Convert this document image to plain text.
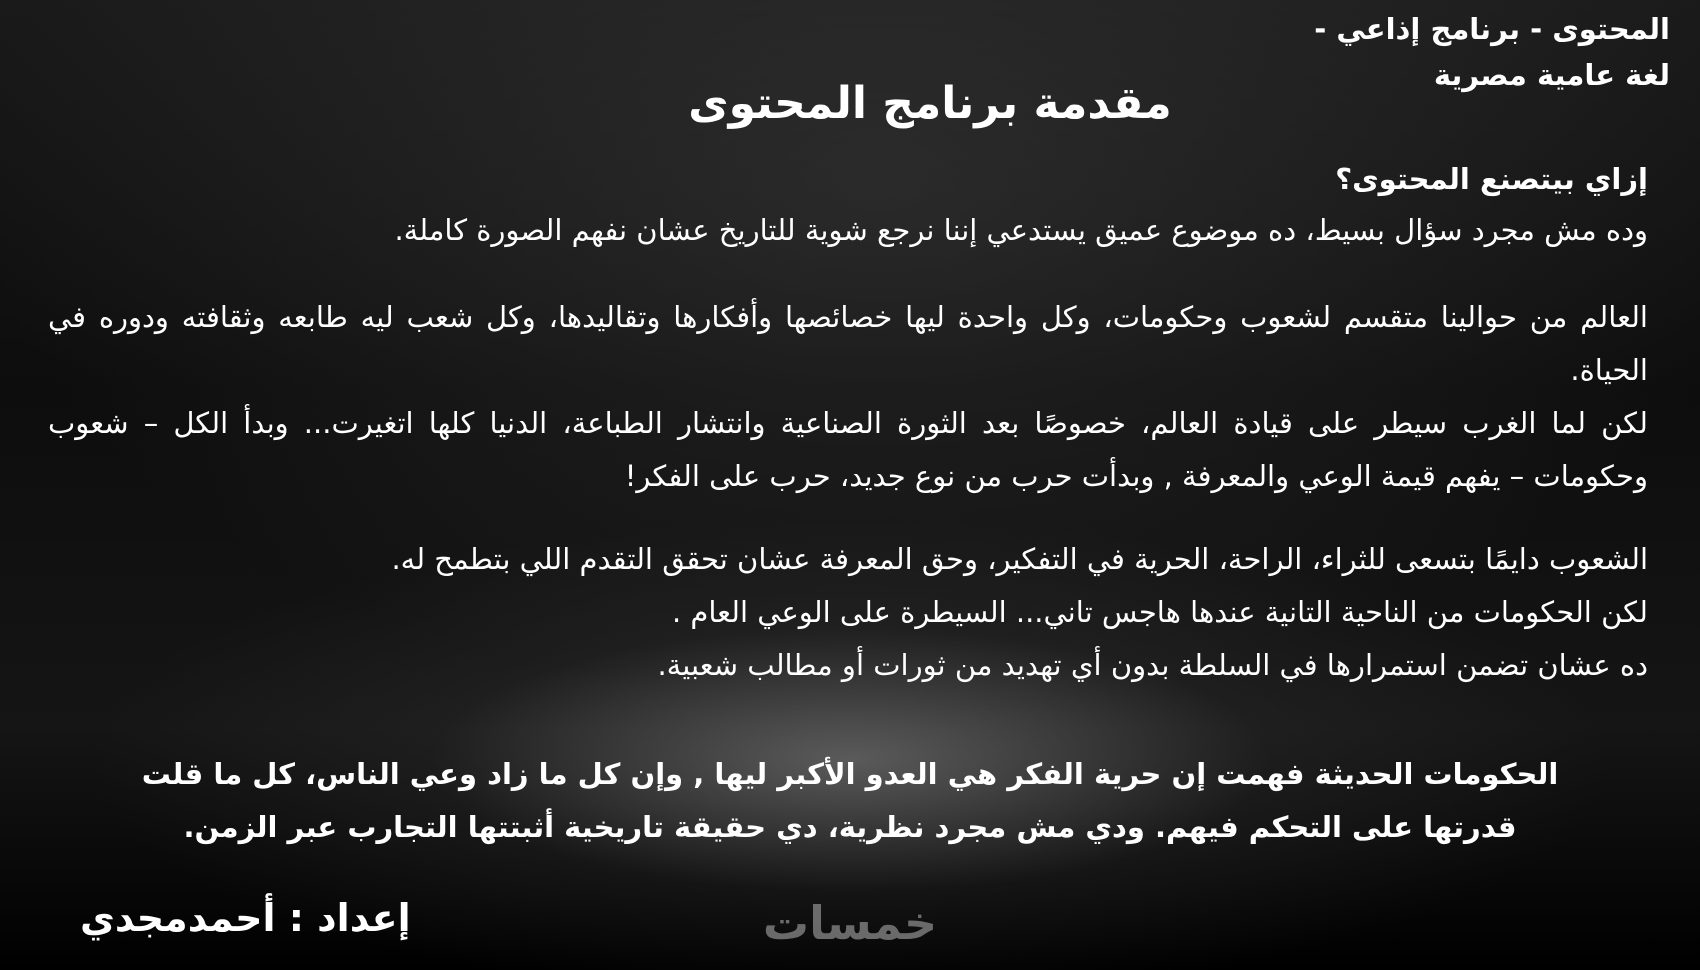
المحتوى - برنامج إذاعي -
لغة عامية مصرية
مقدمة برنامج المحتوى

إزاي بيتصنع المحتوى؟

وده مش مجرد سؤال بسيط، ده موضوع عميق يستدعي إننا نرجع شوية للتاريخ عشان نفهم الصورة كاملة.

العالم من حوالينا متقسم لشعوب وحكومات، وكل واحدة ليها خصائصها وأفكارها وتقاليدها، وكل شعب ليه طابعه وثقافته ودوره في الحياة.

لكن لما الغرب سيطر على قيادة العالم، خصوصًا بعد الثورة الصناعية وانتشار الطباعة، الدنيا كلها اتغيرت... وبدأ الكل – شعوب وحكومات – يفهم قيمة الوعي والمعرفة , وبدأت حرب من نوع جديد، حرب على الفكر!

الشعوب دايمًا بتسعى للثراء، الراحة، الحرية في التفكير، وحق المعرفة عشان تحقق التقدم اللي بتطمح له.

لكن الحكومات من الناحية التانية عندها هاجس تاني... السيطرة على الوعي العام .

ده عشان تضمن استمرارها في السلطة بدون أي تهديد من ثورات أو مطالب شعبية.

الحكومات الحديثة فهمت إن حرية الفكر هي العدو الأكبر ليها , وإن كل ما زاد وعي الناس، كل ما قلت
قدرتها على التحكم فيهم. ودي مش مجرد نظرية، دي حقيقة تاريخية أثبتتها التجارب عبر الزمن.
إعداد : أحمدمجدي	خمسات
